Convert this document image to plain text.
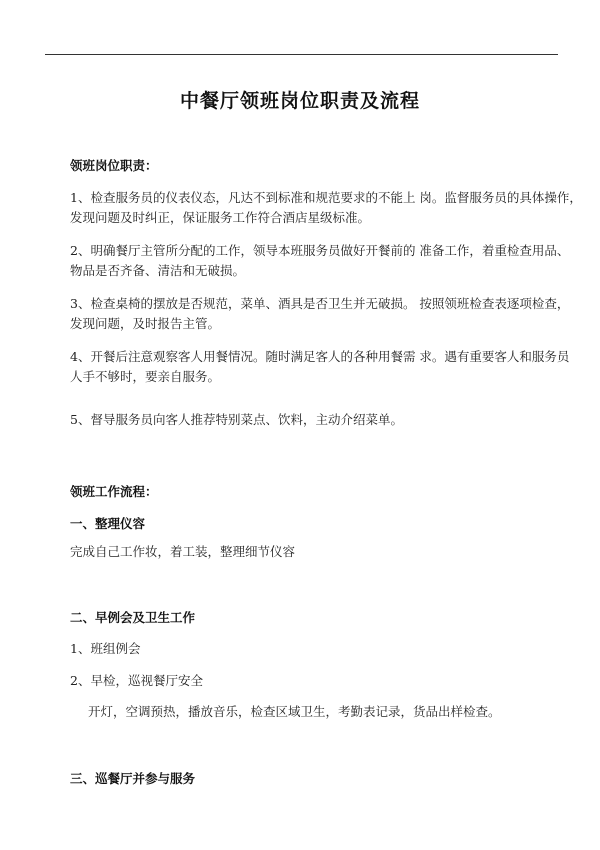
中餐厅领班岗位职责及流程
领班岗位职责：
1、检查服务员的仪表仪态，凡达不到标准和规范要求的不能上 岗。监督服务员的具体操作，
发现问题及时纠正，保证服务工作符合酒店星级标准。
2、明确餐厅主管所分配的工作，领导本班服务员做好开餐前的 准备工作，着重检查用品、
物品是否齐备、清洁和无破损。
3、检查桌椅的摆放是否规范，菜单、酒具是否卫生并无破损。 按照领班检查表逐项检查，
发现问题，及时报告主管。
4、开餐后注意观察客人用餐情况。随时满足客人的各种用餐需 求。遇有重要客人和服务员
人手不够时，要亲自服务。
5、督导服务员向客人推荐特别菜点、饮料，主动介绍菜单。
领班工作流程：
一、整理仪容
完成自己工作妆，着工装，整理细节仪容
二、早例会及卫生工作
1、班组例会
2、早检，巡视餐厅安全
开灯，空调预热，播放音乐，检查区域卫生，考勤表记录，货品出样检查。
三、巡餐厅并参与服务
